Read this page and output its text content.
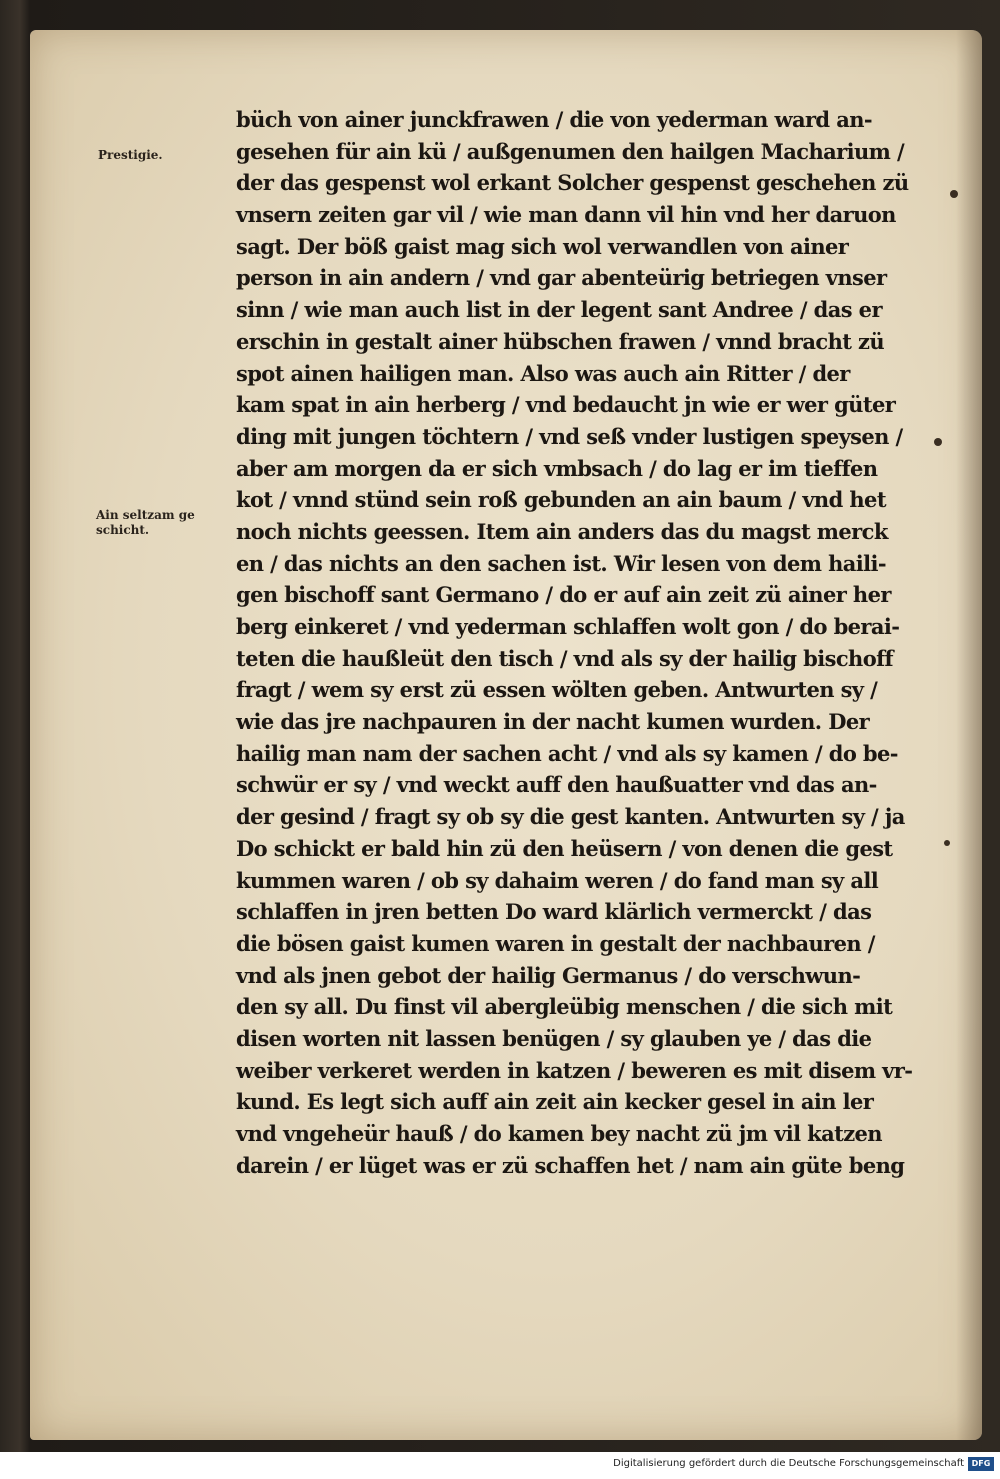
Prestigie.
Ain seltzam ge schicht.
büch von ainer junckfrawen / die von yederman ward an-
gesehen für ain kü / außgenumen den hailgen Macharium /
der das gespenst wol erkant Solcher gespenst geschehen zü
vnsern zeiten gar vil / wie man dann vil hin vnd her daruon
sagt. Der böß gaist mag sich wol verwandlen von ainer
person in ain andern / vnd gar abenteürig betriegen vnser
sinn / wie man auch list in der legent sant Andree / das er
erschin in gestalt ainer hübschen frawen / vnnd bracht zü
spot ainen hailigen man. Also was auch ain Ritter / der
kam spat in ain herberg / vnd bedaucht jn wie er wer güter
ding mit jungen töchtern / vnd seß vnder lustigen speysen /
aber am morgen da er sich vmbsach / do lag er im tieffen
kot / vnnd stünd sein roß gebunden an ain baum / vnd het
noch nichts geessen. Item ain anders das du magst merck
en / das nichts an den sachen ist. Wir lesen von dem haili-
gen bischoff sant Germano / do er auf ain zeit zü ainer her
berg einkeret / vnd yederman schlaffen wolt gon / do berai-
teten die haußleüt den tisch / vnd als sy der hailig bischoff
fragt / wem sy erst zü essen wölten geben. Antwurten sy /
wie das jre nachpauren in der nacht kumen wurden. Der
hailig man nam der sachen acht / vnd als sy kamen / do be-
schwür er sy / vnd weckt auff den haußuatter vnd das an-
der gesind / fragt sy ob sy die gest kanten. Antwurten sy / ja
Do schickt er bald hin zü den heüsern / von denen die gest
kummen waren / ob sy dahaim weren / do fand man sy all
schlaffen in jren betten Do ward klärlich vermerckt / das
die bösen gaist kumen waren in gestalt der nachbauren /
vnd als jnen gebot der hailig Germanus / do verschwun-
den sy all. Du finst vil abergleübig menschen / die sich mit
disen worten nit lassen benügen / sy glauben ye / das die
weiber verkeret werden in katzen / beweren es mit disem vr-
kund. Es legt sich auff ain zeit ain kecker gesel in ain ler
vnd vngeheür hauß / do kamen bey nacht zü jm vil katzen
darein / er lüget was er zü schaffen het / nam ain güte beng
Digitalisierung gefördert durch die Deutsche Forschungsgemeinschaft DFG
